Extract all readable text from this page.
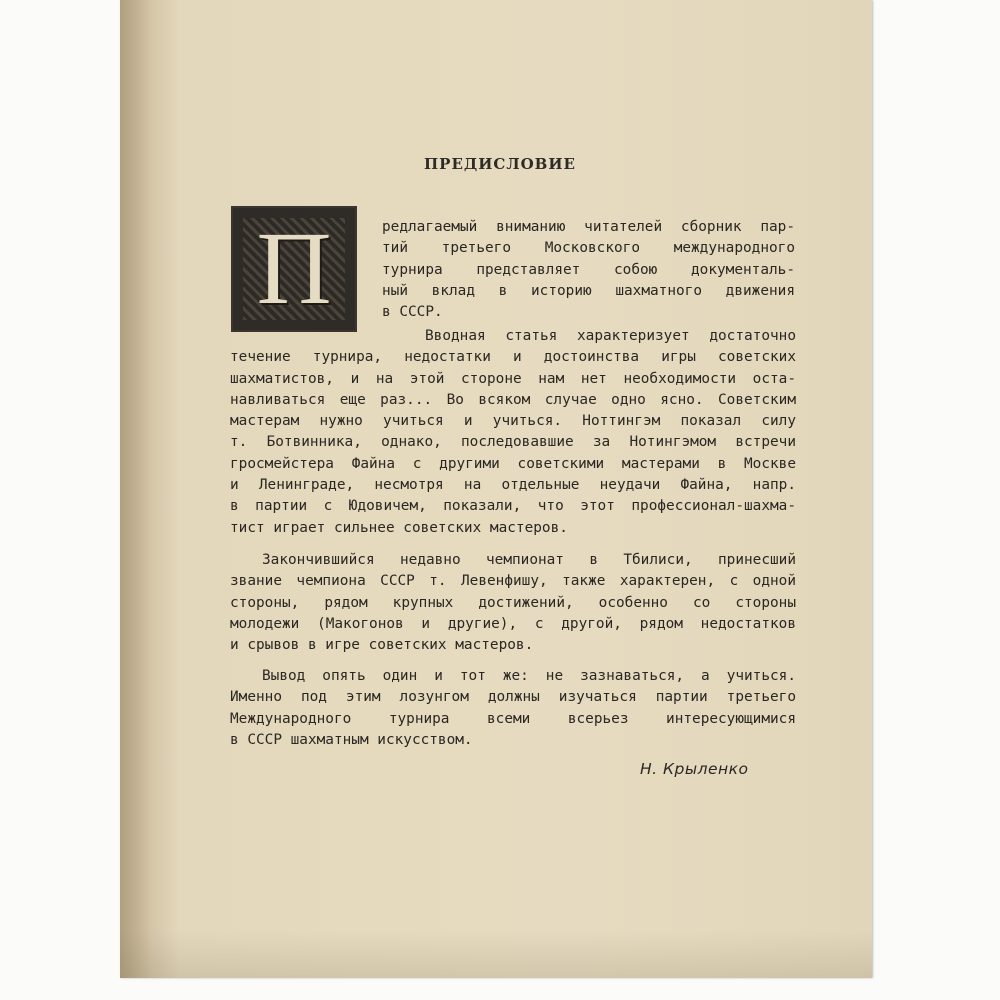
ПРЕДИСЛОВИЕ
П	редлагаемый вниманию читателей сборник пар-
тий третьего Московского международного
турнира представляет собою документаль-
ный вклад в историю шахматного движения
в СССР.
Вводная статья характеризует достаточно
течение турнира, недостатки и достоинства игры советских
шахматистов, и на этой стороне нам нет необходимости оста-
навливаться еще раз... Во всяком случае одно ясно. Советским
мастерам нужно учиться и учиться. Ноттингэм показал силу
т. Ботвинника, однако, последовавшие за Нотингэмом встречи
гросмейстера Файна с другими советскими мастерами в Москве
и Ленинграде, несмотря на отдельные неудачи Файна, напр.
в партии с Юдовичем, показали, что этот профессионал-шахма-
тист играет сильнее советских мастеров.
Закончившийся недавно чемпионат в Тбилиси, принесший
звание чемпиона СССР т. Левенфишу, также характерен, с одной
стороны, рядом крупных достижений, особенно со стороны
молодежи (Макогонов и другие), с другой, рядом недостатков
и срывов в игре советских мастеров.
Вывод опять один и тот же: не зазнаваться, а учиться.
Именно под этим лозунгом должны изучаться партии третьего
Международного турнира всеми всерьез интересующимися
в СССР шахматным искусством.
Н. Крыленко
